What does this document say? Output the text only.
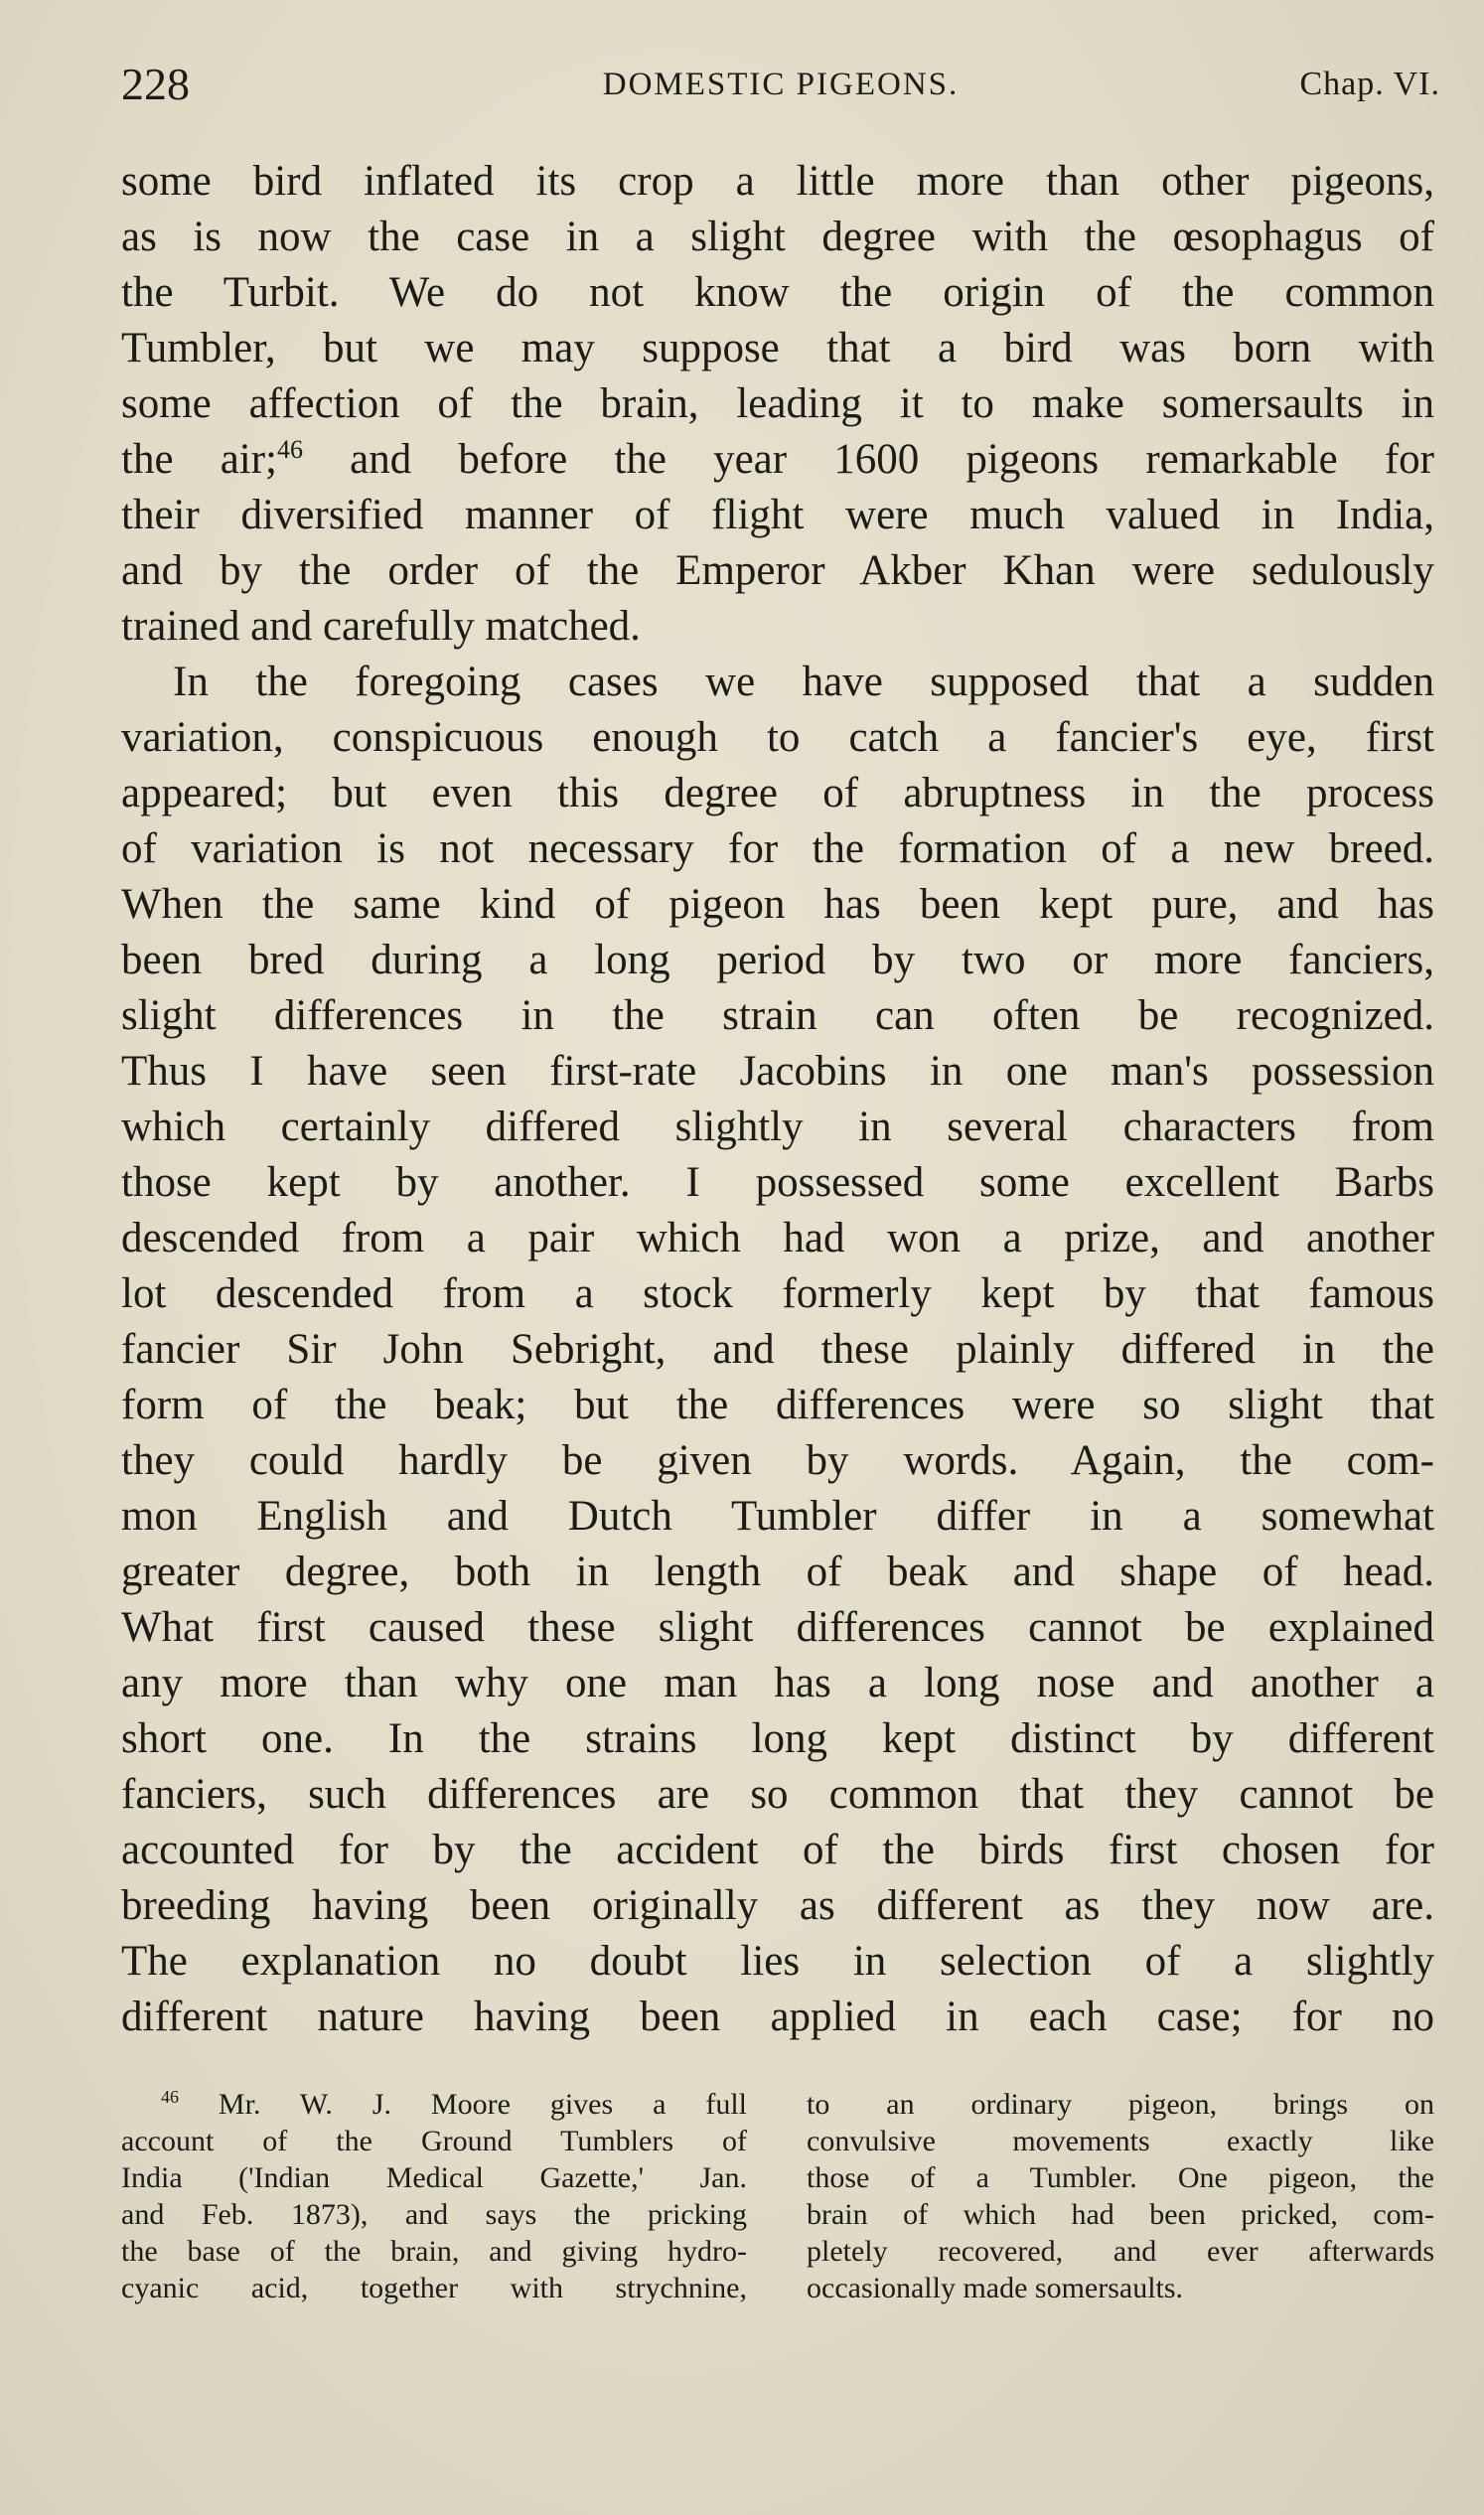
228	DOMESTIC PIGEONS.	Chap. VI.
some bird inflated its crop a little more than other pigeons,
as is now the case in a slight degree with the œsophagus of
the Turbit. We do not know the origin of the common
Tumbler, but we may suppose that a bird was born with
some affection of the brain, leading it to make somersaults in
the air;$^{46}$ and before the year 1600 pigeons remarkable for
their diversified manner of flight were much valued in India,
and by the order of the Emperor Akber Khan were sedulously
trained and carefully matched.
In the foregoing cases we have supposed that a sudden
variation, conspicuous enough to catch a fancier's eye, first
appeared; but even this degree of abruptness in the process
of variation is not necessary for the formation of a new breed.
When the same kind of pigeon has been kept pure, and has
been bred during a long period by two or more fanciers,
slight differences in the strain can often be recognized.
Thus I have seen first-rate Jacobins in one man's possession
which certainly differed slightly in several characters from
those kept by another. I possessed some excellent Barbs
descended from a pair which had won a prize, and another
lot descended from a stock formerly kept by that famous
fancier Sir John Sebright, and these plainly differed in the
form of the beak; but the differences were so slight that
they could hardly be given by words. Again, the com-
mon English and Dutch Tumbler differ in a somewhat
greater degree, both in length of beak and shape of head.
What first caused these slight differences cannot be explained
any more than why one man has a long nose and another a
short one. In the strains long kept distinct by different
fanciers, such differences are so common that they cannot be
accounted for by the accident of the birds first chosen for
breeding having been originally as different as they now are.
The explanation no doubt lies in selection of a slightly
different nature having been applied in each case; for no
$^{46}$ Mr. W. J. Moore gives a full
account of the Ground Tumblers of
India ('Indian Medical Gazette,' Jan.
and Feb. 1873), and says the pricking
the base of the brain, and giving hydro-
cyanic acid, together with strychnine,
to an ordinary pigeon, brings on
convulsive movements exactly like
those of a Tumbler. One pigeon, the
brain of which had been pricked, com-
pletely recovered, and ever afterwards
occasionally made somersaults.
